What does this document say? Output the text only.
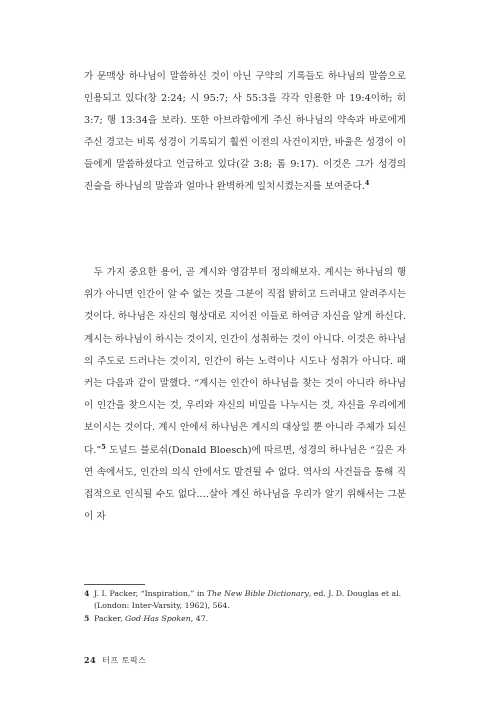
가 문맥상 하나님이 말씀하신 것이 아닌 구약의 기록들도 하나님의 말씀으로 인용되고 있다(창 2:24; 시 95:7; 사 55:3을 각각 인용한 마 19:4이하; 히 3:7; 행 13:34을 보라). 또한 아브라함에게 주신 하나님의 약속과 바로에게 주신 경고는 비록 성경이 기록되기 훨씬 이전의 사건이지만, 바울은 성경이 이들에게 말씀하셨다고 언급하고 있다(갈 3:8; 롬 9:17). 이것은 그가 성경의 진술을 하나님의 말씀과 얼마나 완벽하게 일치시켰는지를 보여준다.$^4$

 두 가지 중요한 용어, 곧 계시와 영감부터 정의해보자. 계시는 하나님의 행위가 아니면 인간이 알 수 없는 것을 그분이 직접 밝히고 드러내고 알려주시는 것이다. 하나님은 자신의 형상대로 지어진 이들로 하여금 자신을 알게 하신다. 계시는 하나님이 하시는 것이지, 인간이 성취하는 것이 아니다. 이것은 하나님의 주도로 드러나는 것이지, 인간이 하는 노력이나 시도나 성취가 아니다. 패커는 다음과 같이 말했다. “계시는 인간이 하나님을 찾는 것이 아니라 하나님이 인간을 찾으시는 것, 우리와 자신의 비밀을 나누시는 것, 자신을 우리에게 보이시는 것이다. 계시 안에서 하나님은 계시의 대상일 뿐 아니라 주체가 되신다.”$^5$ 도널드 블로쉬(Donald Bloesch)에 따르면, 성경의 하나님은 “깊은 자연 속에서도, 인간의 의식 안에서도 발견될 수 없다. 역사의 사건들을 통해 직접적으로 인식될 수도 없다.…살아 계신 하나님을 우리가 알기 위해서는 그분이 자

4 J. I. Packer, “Inspiration,” in The New Bible Dictionary, ed. J. D. Douglas et al.
(London: Inter-Varsity, 1962), 564.

5 Packer, God Has Spoken, 47.

24 터프 토픽스
